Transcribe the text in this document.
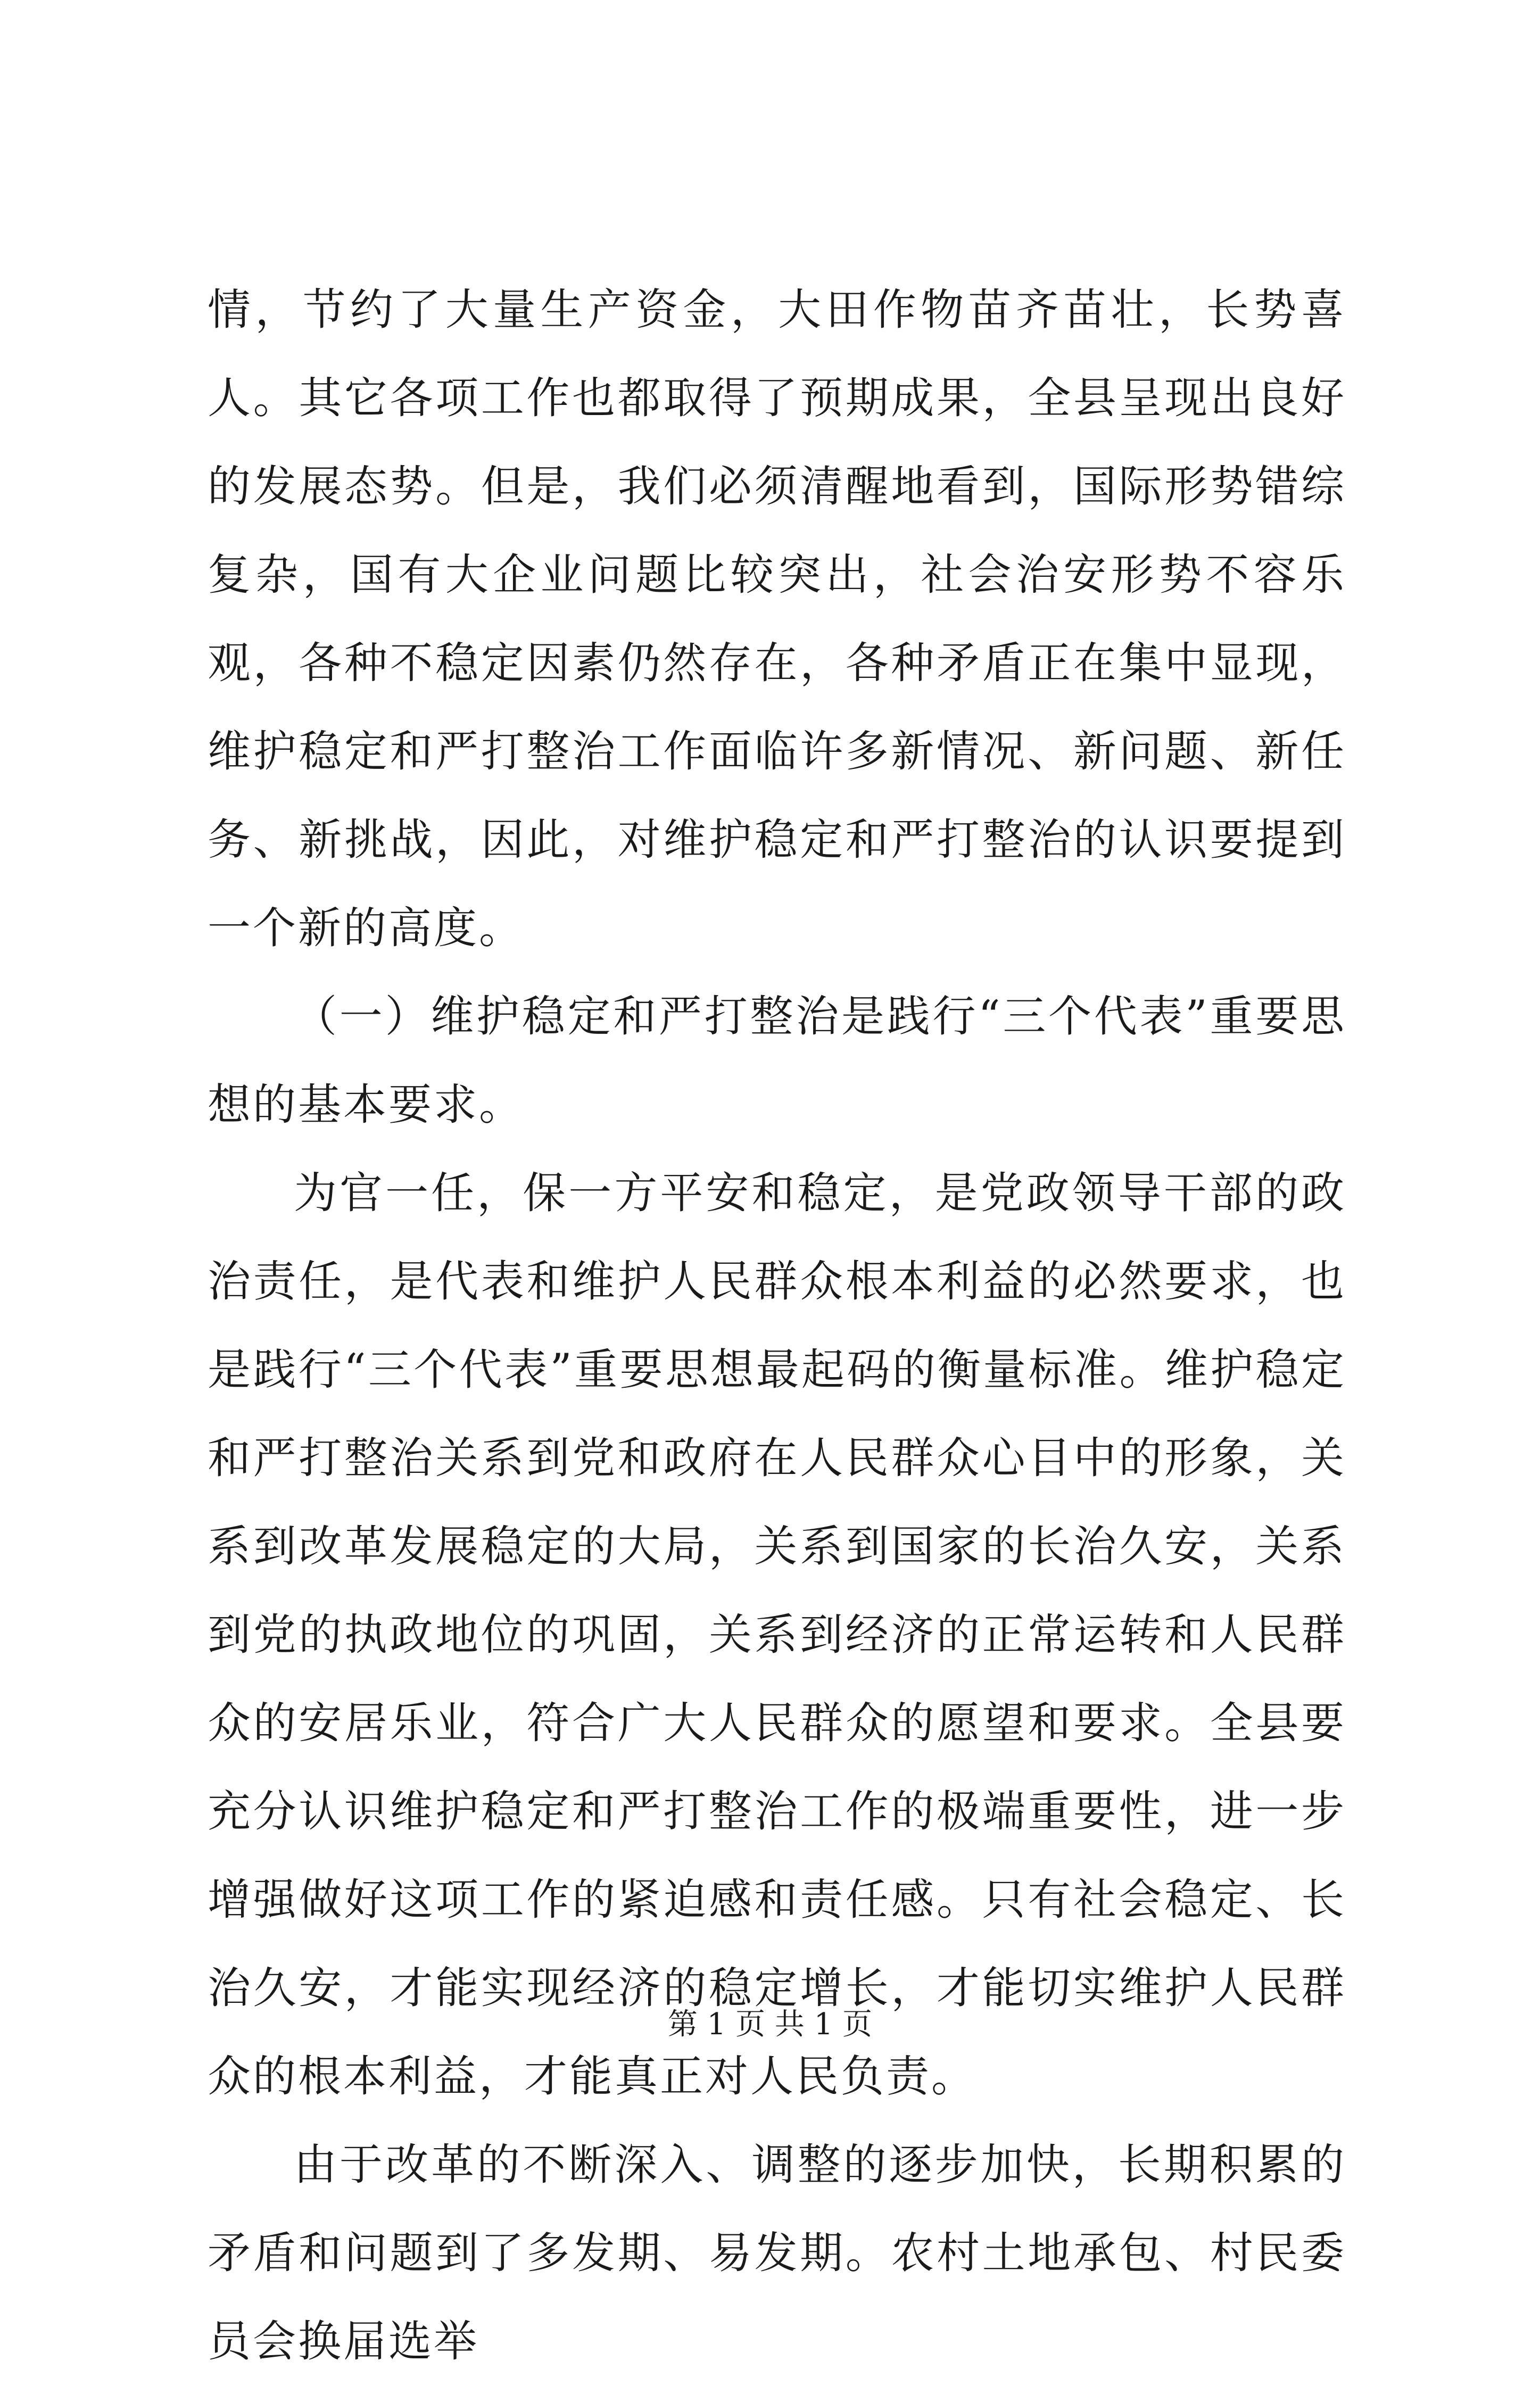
情，节约了大量生产资金，大田作物苗齐苗壮，长势喜人。其它各项工作也都取得了预期成果，全县呈现出良好的发展态势。但是，我们必须清醒地看到，国际形势错综复杂，国有大企业问题比较突出，社会治安形势不容乐观，各种不稳定因素仍然存在，各种矛盾正在集中显现，维护稳定和严打整治工作面临许多新情况、新问题、新任务、新挑战，因此，对维护稳定和严打整治的认识要提到一个新的高度。

（一）维护稳定和严打整治是践行“三个代表”重要思想的基本要求。

为官一任，保一方平安和稳定，是党政领导干部的政治责任，是代表和维护人民群众根本利益的必然要求，也是践行“三个代表”重要思想最起码的衡量标准。维护稳定和严打整治关系到党和政府在人民群众心目中的形象，关系到改革发展稳定的大局，关系到国家的长治久安，关系到党的执政地位的巩固，关系到经济的正常运转和人民群众的安居乐业，符合广大人民群众的愿望和要求。全县要充分认识维护稳定和严打整治工作的极端重要性，进一步增强做好这项工作的紧迫感和责任感。只有社会稳定、长治久安，才能实现经济的稳定增长，才能切实维护人民群众的根本利益，才能真正对人民负责。

由于改革的不断深入、调整的逐步加快，长期积累的矛盾和问题到了多发期、易发期。农村土地承包、村民委员会换届选举

第 1 页 共 1 页
